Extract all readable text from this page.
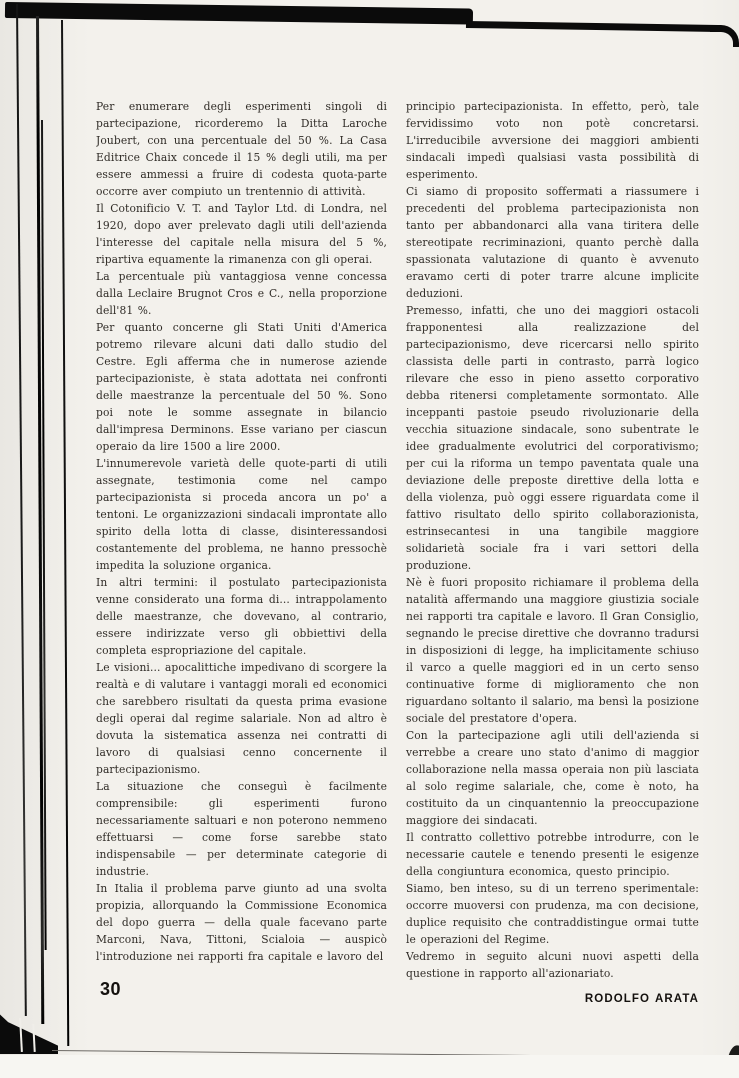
Per enumerare degli esperimenti singoli di partecipazione, ricorderemo la Ditta Laroche Joubert, con una percentuale del 50 %. La Casa Editrice Chaix concede il 15 % degli utili, ma per essere ammessi a fruire di codesta quota-parte occorre aver compiuto un trentennio di attività.

Il Cotonificio V. T. and Taylor Ltd. di Londra, nel 1920, dopo aver prelevato dagli utili dell'azienda l'interesse del capitale nella misura del 5 %, ripartiva equamente la rimanenza con gli operai.

La percentuale più vantaggiosa venne concessa dalla Leclaire Brugnot Cros e C., nella proporzione dell'81 %.

Per quanto concerne gli Stati Uniti d'America potremo rilevare alcuni dati dallo studio del Cestre. Egli afferma che in numerose aziende partecipazioniste, è stata adottata nei confronti delle maestranze la percentuale del 50 %. Sono poi note le somme assegnate in bilancio dall'impresa Derminons. Esse variano per ciascun operaio da lire 1500 a lire 2000.

L'innumerevole varietà delle quote-parti di utili assegnate, testimonia come nel campo partecipazionista si proceda ancora un po' a tentoni. Le organizzazioni sindacali improntate allo spirito della lotta di classe, disinteressandosi costantemente del problema, ne hanno pressochè impedita la soluzione organica.

In altri termini: il postulato partecipazionista venne considerato una forma di... intrappolamento delle maestranze, che dovevano, al contrario, essere indirizzate verso gli obbiettivi della completa espropriazione del capitale.

Le visioni... apocalittiche impedivano di scorgere la realtà e di valutare i vantaggi morali ed economici che sarebbero risultati da questa prima evasione degli operai dal regime salariale. Non ad altro è dovuta la sistematica assenza nei contratti di lavoro di qualsiasi cenno concernente il partecipazionismo.

La situazione che conseguì è facilmente comprensibile: gli esperimenti furono necessariamente saltuari e non poterono nemmeno effettuarsi — come forse sarebbe stato indispensabile — per determinate categorie di industrie.

In Italia il problema parve giunto ad una svolta propizia, allorquando la Commissione Economica del dopo guerra — della quale facevano parte Marconi, Nava, Tittoni, Scialoia — auspicò l'introduzione nei rapporti fra capitale e lavoro del

principio partecipazionista. In effetto, però, tale fervidissimo voto non potè concretarsi. L'irreducibile avversione dei maggiori ambienti sindacali impedì qualsiasi vasta possibilità di esperimento.

Ci siamo di proposito soffermati a riassumere i precedenti del problema partecipazionista non tanto per abbandonarci alla vana tiritera delle stereotipate recriminazioni, quanto perchè dalla spassionata valutazione di quanto è avvenuto eravamo certi di poter trarre alcune implicite deduzioni.

Premesso, infatti, che uno dei maggiori ostacoli frapponentesi alla realizzazione del partecipazionismo, deve ricercarsi nello spirito classista delle parti in contrasto, parrà logico rilevare che esso in pieno assetto corporativo debba ritenersi completamente sormontato. Alle inceppanti pastoie pseudo rivoluzionarie della vecchia situazione sindacale, sono subentrate le idee gradualmente evolutrici del corporativismo; per cui la riforma un tempo paventata quale una deviazione delle preposte direttive della lotta e della violenza, può oggi essere riguardata come il fattivo risultato dello spirito collaborazionista, estrinsecantesi in una tangibile maggiore solidarietà sociale fra i vari settori della produzione.

Nè è fuori proposito richiamare il problema della natalità affermando una maggiore giustizia sociale nei rapporti tra capitale e lavoro. Il Gran Consiglio, segnando le precise direttive che dovranno tradursi in disposizioni di legge, ha implicitamente schiuso il varco a quelle maggiori ed in un certo senso continuative forme di miglioramento che non riguardano soltanto il salario, ma bensì la posizione sociale del prestatore d'opera.

Con la partecipazione agli utili dell'azienda si verrebbe a creare uno stato d'animo di maggior collaborazione nella massa operaia non più lasciata al solo regime salariale, che, come è noto, ha costituito da un cinquantennio la preoccupazione maggiore dei sindacati.

Il contratto collettivo potrebbe introdurre, con le necessarie cautele e tenendo presenti le esigenze della congiuntura economica, questo principio.

Siamo, ben inteso, su di un terreno sperimentale: occorre muoversi con prudenza, ma con decisione, duplice requisito che contraddistingue ormai tutte le operazioni del Regime.

Vedremo in seguito alcuni nuovi aspetti della questione in rapporto all'azionariato.

RODOLFO ARATA
30
